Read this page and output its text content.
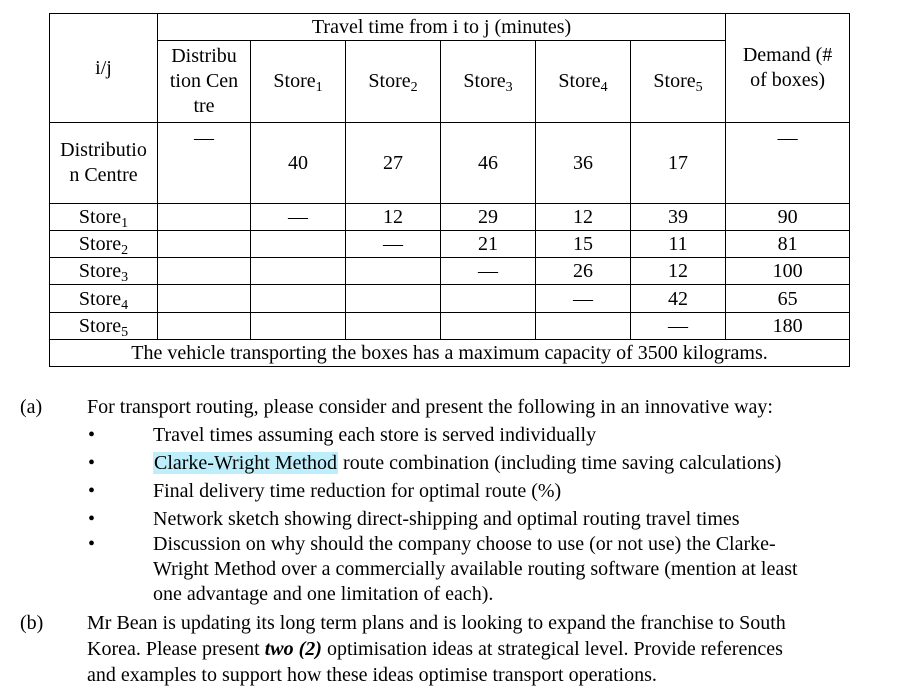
i/j	Travel time from i to j (minutes)						Demand (# of boxes)

	Distribution Centre	Store$_1$	Store$_2$	Store$_3$	Store$_4$	Store$_5$

Distribution Centre	—	40	27	46	36	17	—
Store$_1$		—	12	29	12	39	90
Store$_2$			—	21	15	11	81
Store$_3$				—	26	12	100
Store$_4$					—	42	65
Store$_5$						—	180
The vehicle transporting the boxes has a maximum capacity of 3500 kilograms.							
(a) For transport routing, please consider and present the following in an innovative way:
•	Travel times assuming each store is served individually
•	Clarke-Wright Method route combination (including time saving calculations)
•	Final delivery time reduction for optimal route (%)
•	Network sketch showing direct-shipping and optimal routing travel times
•	Discussion on why should the company choose to use (or not use) the Clarke-
Wright Method over a commercially available routing software (mention at least
one advantage and one limitation of each).
(b) Mr Bean is updating its long term plans and is looking to expand the franchise to South
Korea. Please present two (2) optimisation ideas at strategical level. Provide references
and examples to support how these ideas optimise transport operations.
